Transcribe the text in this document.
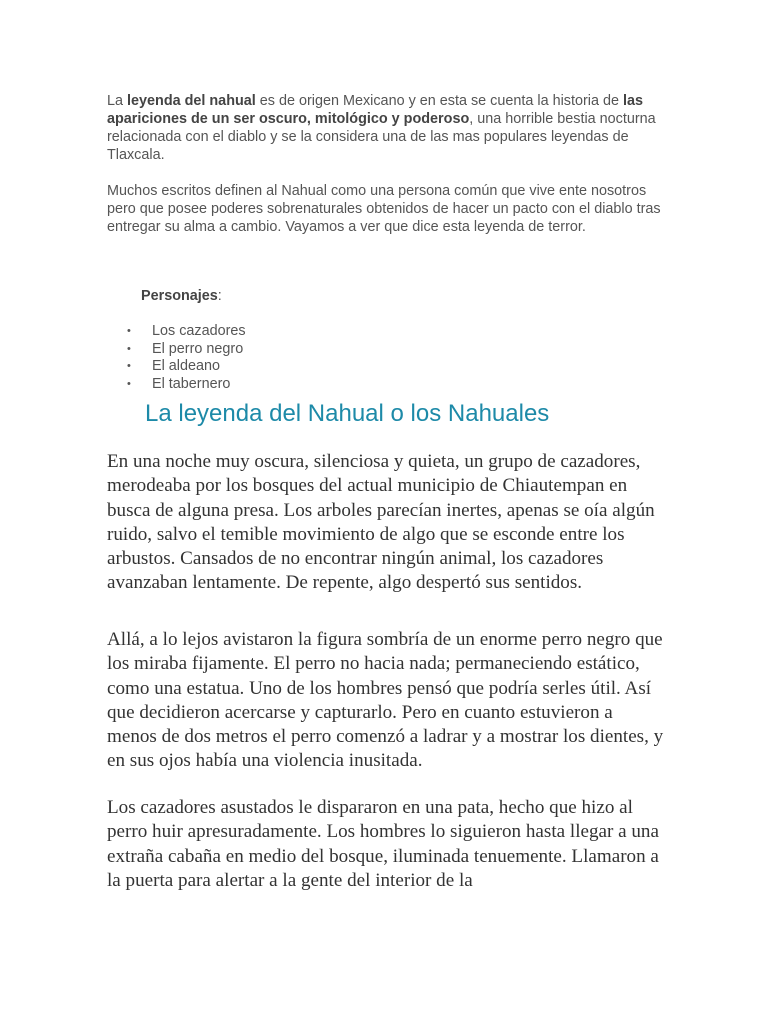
La leyenda del nahual es de origen Mexicano y en esta se cuenta la historia de las apariciones de un ser oscuro, mitológico y poderoso, una horrible bestia nocturna relacionada con el diablo y se la considera una de las mas populares leyendas de Tlaxcala.

Muchos escritos definen al Nahual como una persona común que vive ente nosotros pero que posee poderes sobrenaturales obtenidos de hacer un pacto con el diablo tras entregar su alma a cambio. Vayamos a ver que dice esta leyenda de terror.

Personajes:
• Los cazadores
• El perro negro
• El aldeano
• El tabernero
La leyenda del Nahual o los Nahuales

En una noche muy oscura, silenciosa y quieta, un grupo de cazadores, merodeaba por los bosques del actual municipio de Chiautempan en busca de alguna presa. Los arboles parecían inertes, apenas se oía algún ruido, salvo el temible movimiento de algo que se esconde entre los arbustos. Cansados de no encontrar ningún animal, los cazadores avanzaban lentamente. De repente, algo despertó sus sentidos.

Allá, a lo lejos avistaron la figura sombría de un enorme perro negro que los miraba fijamente. El perro no hacia nada; permaneciendo estático, como una estatua. Uno de los hombres pensó que podría serles útil. Así que decidieron acercarse y capturarlo. Pero en cuanto estuvieron a menos de dos metros el perro comenzó a ladrar y a mostrar los dientes, y en sus ojos había una violencia inusitada.

Los cazadores asustados le dispararon en una pata, hecho que hizo al perro huir apresuradamente. Los hombres lo siguieron hasta llegar a una extraña cabaña en medio del bosque, iluminada tenuemente. Llamaron a la puerta para alertar a la gente del interior de la
